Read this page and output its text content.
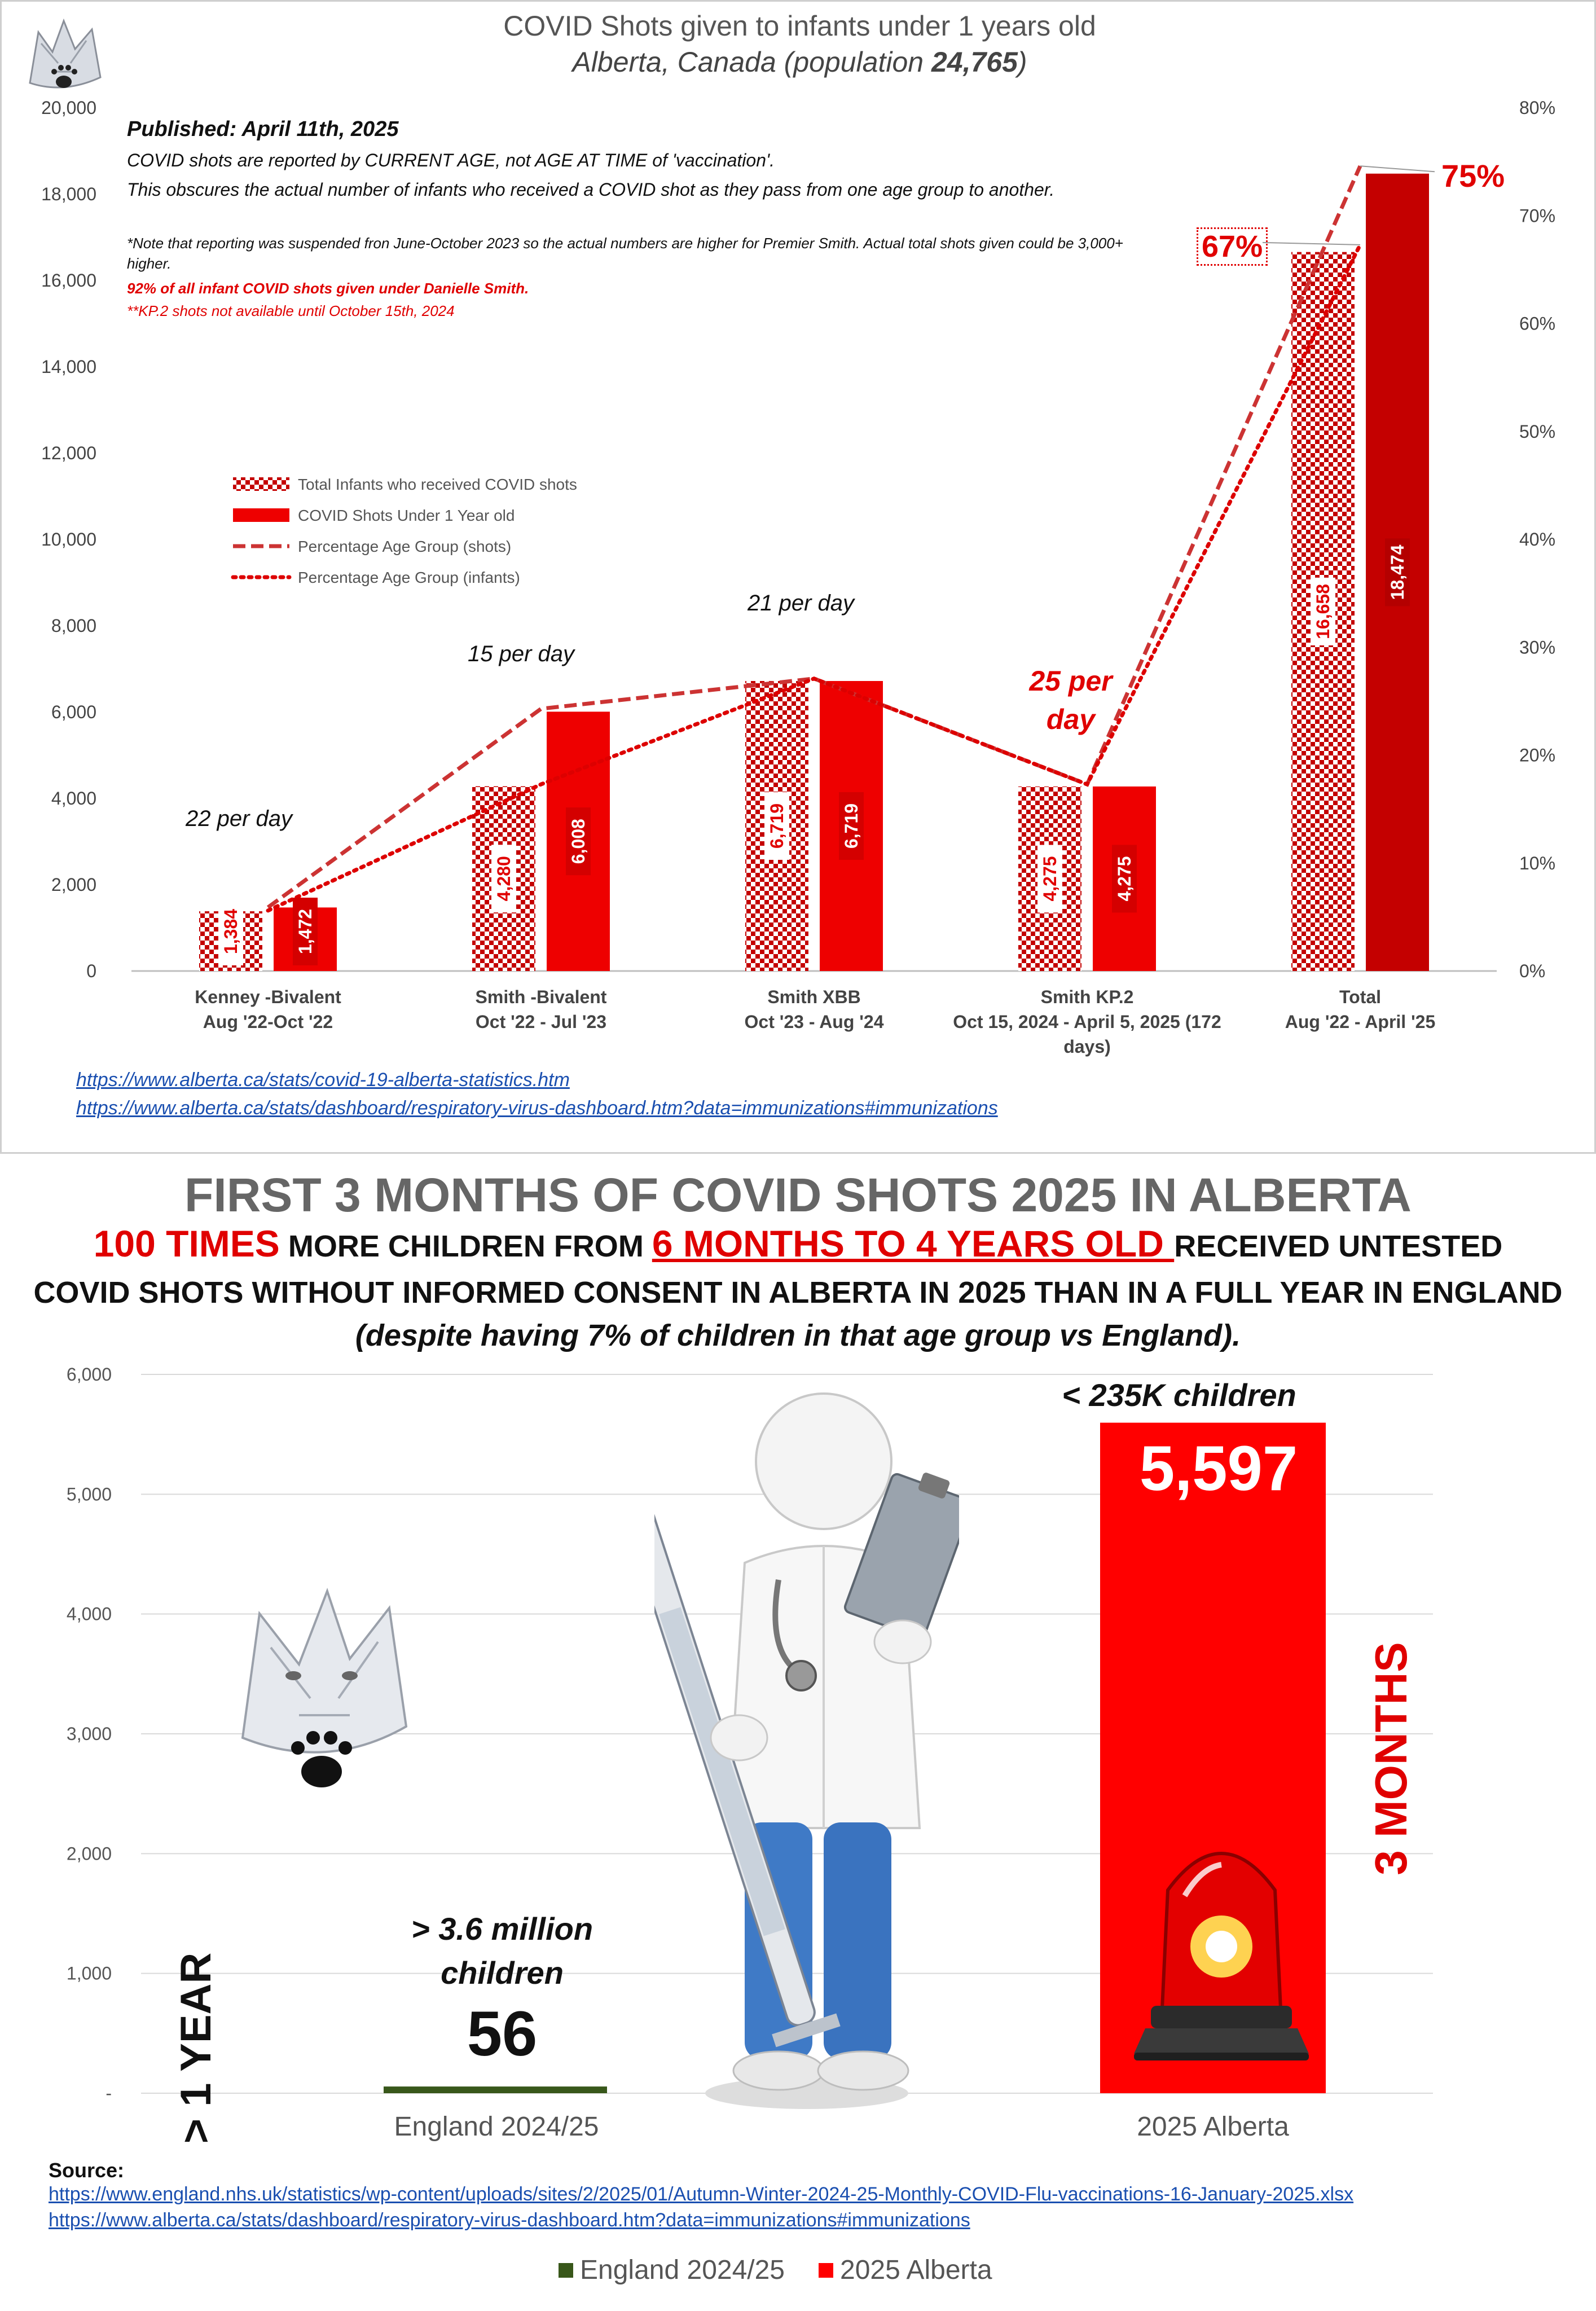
COVID Shots given to infants under 1 years old
Alberta, Canada (population 24,765)
Published: April 11th, 2025
COVID shots are reported by CURRENT AGE, not AGE AT TIME of 'vaccination'.
This obscures the actual number of infants who received a COVID shot as they pass from one age group to another.
*Note that reporting was suspended fron June-October 2023 so the actual numbers are higher for Premier Smith. Actual total shots given could be 3,000+ higher.
92% of all infant COVID shots given under Danielle Smith.
**KP.2 shots not available until October 15th, 2024
0
2,000
4,000
6,000
8,000
10,000
12,000
14,000
16,000
18,000
20,000
0%
10%
20%
30%
40%
50%
60%
70%
80%
1,384	1,472
4,280
6,008	6,719	6,719
4,275	4,275
16,658
18,474
Total Infants who received COVID shots
COVID Shots Under 1 Year old
Percentage Age Group (shots)
Percentage Age Group (infants)
Kenney -Bivalent
Aug '22-Oct '22
Smith -Bivalent
Oct '22 - Jul '23
Smith XBB
Oct '23 - Aug '24
Smith KP.2
Oct 15, 2024 - April 5, 2025 (172
days)
Total
Aug '22 - April '25
22 per day
15 per day
21 per day
25 per day
67%
75%
https://www.alberta.ca/stats/covid-19-alberta-statistics.htm
https://www.alberta.ca/stats/dashboard/respiratory-virus-dashboard.htm?data=immunizations#immunizations
FIRST 3 MONTHS OF COVID SHOTS 2025 IN ALBERTA
100 TIMES MORE CHILDREN FROM 6 MONTHS TO 4 YEARS OLD RECEIVED UNTESTED
COVID SHOTS WITHOUT INFORMED CONSENT IN ALBERTA IN 2025 THAN IN A FULL YEAR IN ENGLAND
(despite having 7% of children in that age group vs England).
-
1,000
2,000
3,000
4,000
5,000
6,000
> 3.6 million children
56
< 235K children
5,597
> 1 YEAR
3 MONTHS
England 2024/25	2025 Alberta
Source:
https://www.england.nhs.uk/statistics/wp-content/uploads/sites/2/2025/01/Autumn-Winter-2024-25-Monthly-COVID-Flu-vaccinations-16-January-2025.xlsx
https://www.alberta.ca/stats/dashboard/respiratory-virus-dashboard.htm?data=immunizations#immunizations
England 2024/25 2025 Alberta
